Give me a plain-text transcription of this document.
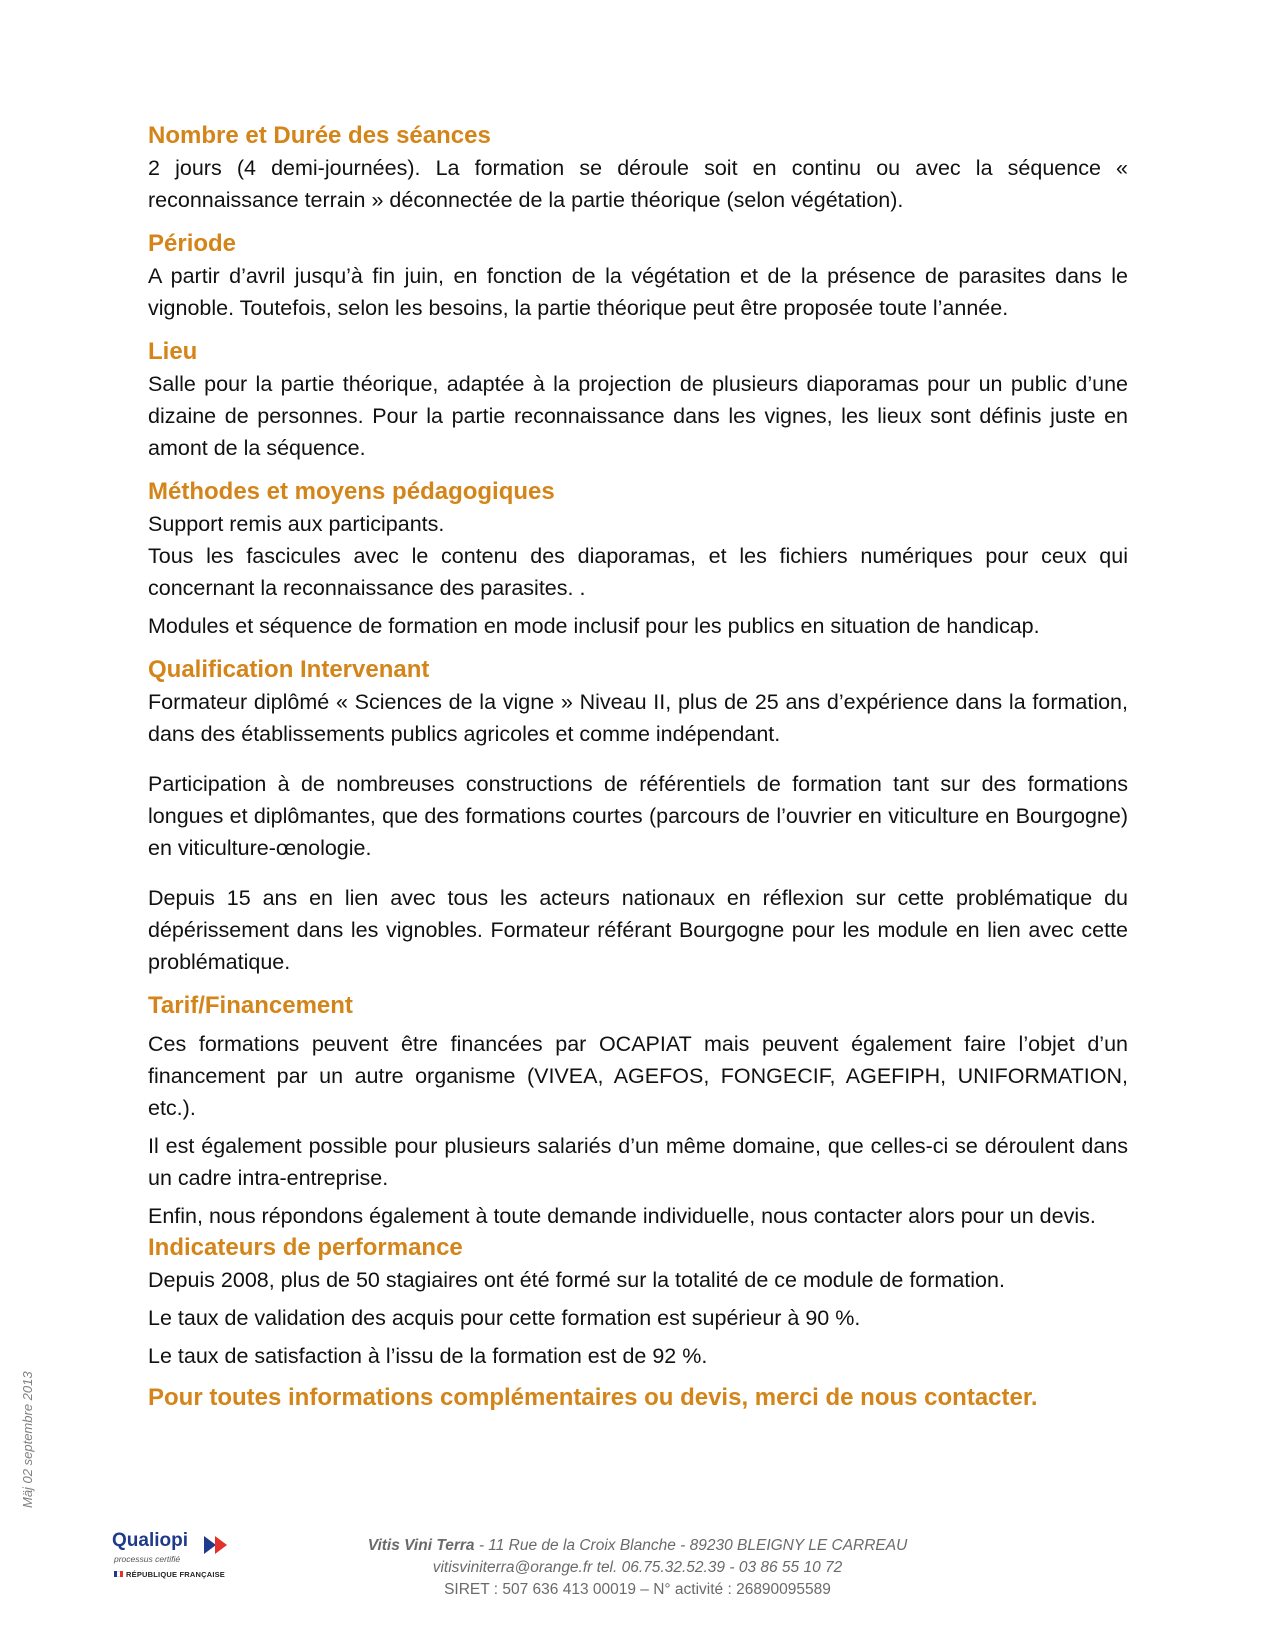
Nombre et Durée des séances

2 jours (4 demi-journées). La formation se déroule soit en continu ou avec la séquence « reconnaissance terrain » déconnectée de la partie théorique (selon végétation).

Période

A partir d’avril jusqu’à fin juin, en fonction de la végétation et de la présence de parasites dans le vignoble. Toutefois, selon les besoins, la partie théorique peut être proposée toute l’année.

Lieu

Salle pour la partie théorique, adaptée à la projection de plusieurs diaporamas pour un public d’une dizaine de personnes. Pour la partie reconnaissance dans les vignes, les lieux sont définis juste en amont de la séquence.

Méthodes et moyens pédagogiques

Support remis aux participants.

Tous les fascicules avec le contenu des diaporamas, et les fichiers numériques pour ceux qui concernant la reconnaissance des parasites. .

Modules et séquence de formation en mode inclusif pour les publics en situation de handicap.

Qualification Intervenant

Formateur diplômé « Sciences de la vigne » Niveau II, plus de 25 ans d’expérience dans la formation, dans des établissements publics agricoles et comme indépendant.

Participation à de nombreuses constructions de référentiels de formation tant sur des formations longues et diplômantes, que des formations courtes (parcours de l’ouvrier en viticulture en Bourgogne) en viticulture-œnologie.

Depuis 15 ans en lien avec tous les acteurs nationaux en réflexion sur cette problématique du dépérissement dans les vignobles. Formateur référant Bourgogne pour les module en lien avec cette problématique.

Tarif/Financement

Ces formations peuvent être financées par OCAPIAT mais peuvent également faire l’objet d’un financement par un autre organisme (VIVEA, AGEFOS, FONGECIF, AGEFIPH, UNIFORMATION, etc.).

Il est également possible pour plusieurs salariés d’un même domaine, que celles-ci se déroulent dans un cadre intra-entreprise.

Enfin, nous répondons également à toute demande individuelle, nous contacter alors pour un devis.

Indicateurs de performance

Depuis 2008, plus de 50 stagiaires ont été formé sur la totalité de ce module de formation.

Le taux de validation des acquis pour cette formation est supérieur à 90 %.

Le taux de satisfaction à l’issu de la formation est de 92 %.

Pour toutes informations complémentaires ou devis, merci de nous contacter.
Mäj 02 septembre 2013
Qualiopi
processus certifié
RÉPUBLIQUE FRANÇAISE
Vitis Vini Terra - 11 Rue de la Croix Blanche - 89230 BLEIGNY LE CARREAU
vitisviniterra@orange.fr tel. 06.75.32.52.39 - 03 86 55 10 72
SIRET : 507 636 413 00019 – N° activité : 26890095589
